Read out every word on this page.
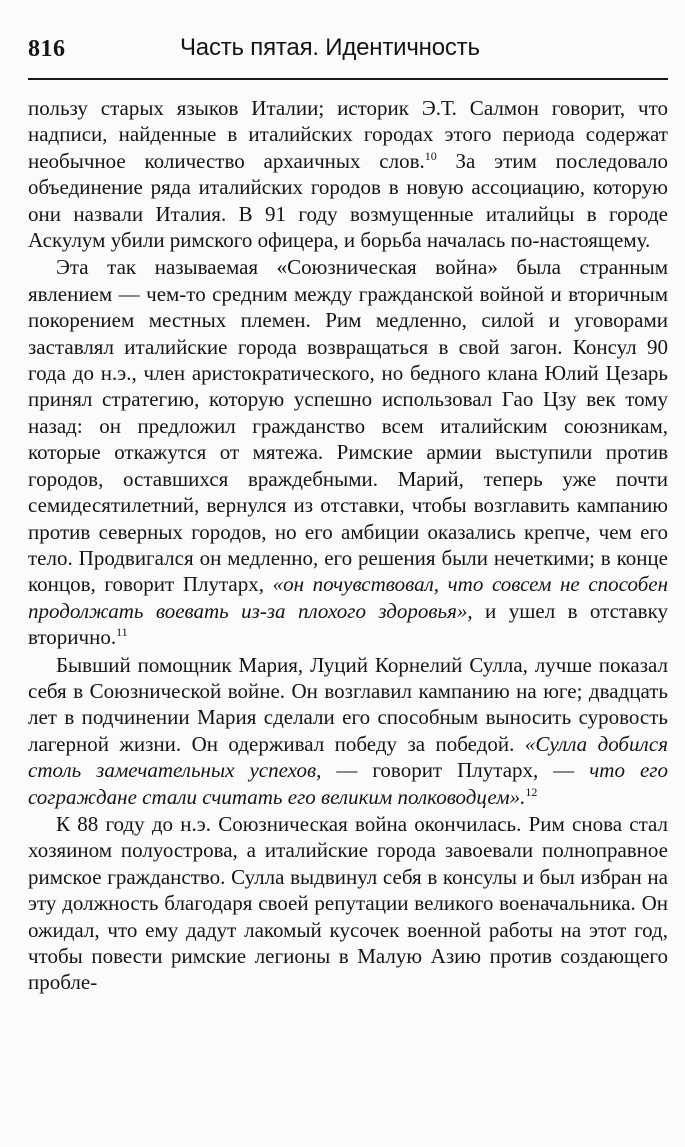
816	Часть пятая. Идентичность

пользу старых языков Италии; историк Э.Т. Салмон говорит, что надписи, найденные в италийских городах этого периода содержат необычное количество архаичных слов.$^{10}$ За этим последовало объединение ряда италийских городов в новую ассоциацию, которую они назвали Италия. В 91 году возмущенные италийцы в городе Аскулум убили римского офицера, и борьба началась по-настоящему.

Эта так называемая «Союзническая война» была странным явлением — чем-то средним между гражданской войной и вторичным покорением местных племен. Рим медленно, силой и уговорами заставлял италийские города возвращаться в свой загон. Консул 90 года до н.э., член аристократического, но бедного клана Юлий Цезарь принял стратегию, которую успешно использовал Гао Цзу век тому назад: он предложил гражданство всем италийским союзникам, которые откажутся от мятежа. Римские армии выступили против городов, оставшихся враждебными. Марий, теперь уже почти семидесятилетний, вернулся из отставки, чтобы возглавить кампанию против северных городов, но его амбиции оказались крепче, чем его тело. Продвигался он медленно, его решения были нечеткими; в конце концов, говорит Плутарх, «он почувствовал, что совсем не способен продолжать воевать из-за плохого здоровья», и ушел в отставку вторично.$^{11}$

Бывший помощник Мария, Луций Корнелий Сулла, лучше показал себя в Союзнической войне. Он возглавил кампанию на юге; двадцать лет в подчинении Мария сделали его способным выносить суровость лагерной жизни. Он одерживал победу за победой. «Сулла добился столь замечательных успехов, — говорит Плутарх, — что его сограждане стали считать его великим полководцем».$^{12}$

К 88 году до н.э. Союзническая война окончилась. Рим снова стал хозяином полуострова, а италийские города завоевали полноправное римское гражданство. Сулла выдвинул себя в консулы и был избран на эту должность благодаря своей репутации великого военачальника. Он ожидал, что ему дадут лакомый кусочек военной работы на этот год, чтобы повести римские легионы в Малую Азию против создающего пробле-
